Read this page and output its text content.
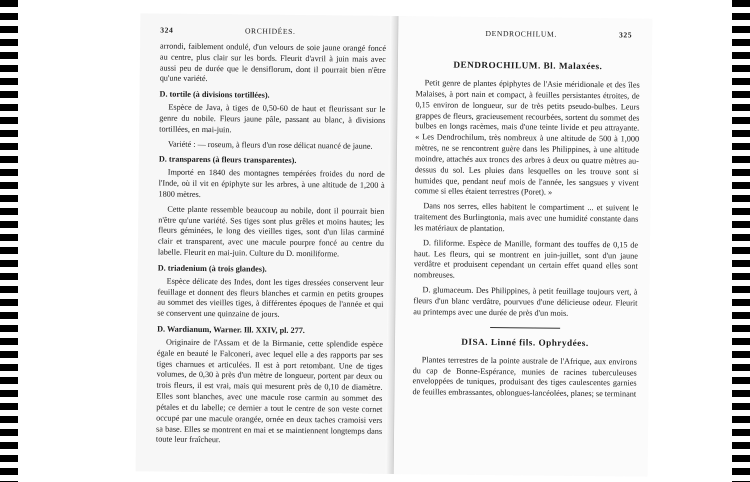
324	ORCHIDÉES.

arrondi, faiblement ondulé, d'un velours de soie jaune orangé foncé au centre, plus clair sur les bords. Fleurit d'avril à juin mais avec aussi peu de durée que le densiflorum, dont il pourrait bien n'être qu'une variété.

D. tortile (à divisions tortillées).

Espèce de Java, à tiges de 0,50-60 de haut et fleurissant sur le genre du nobile. Fleurs jaune pâle, passant au blanc, à divisions tortillées, en mai-juin.

Variété : — roseum, à fleurs d'un rose délicat nuancé de jaune.

D. transparens (à fleurs transparentes).

Importé en 1840 des montagnes tempérées froides du nord de l'Inde, où il vit en épiphyte sur les arbres, à une altitude de 1,200 à 1800 mètres.

Cette plante ressemble beaucoup au nobile, dont il pourrait bien n'être qu'une variété. Ses tiges sont plus grêles et moins hautes; les fleurs géminées, le long des vieilles tiges, sont d'un lilas carminé clair et transparent, avec une macule pourpre foncé au centre du labelle. Fleurit en mai-juin. Culture du D. moniliforme.

D. triadenium (à trois glandes).

Espèce délicate des Indes, dont les tiges dressées conservent leur feuillage et donnent des fleurs blanches et carmin en petits groupes au sommet des vieilles tiges, à différentes époques de l'année et qui se conservent une quinzaine de jours.

D. Wardianum, Warner. Ill. XXIV, pl. 277.

Originaire de l'Assam et de la Birmanie, cette splendide espèce égale en beauté le Falconeri, avec lequel elle a des rapports par ses tiges charnues et articulées. Il est à port retombant. Une de tiges volumes, de 0,30 à près d'un mètre de longueur, portent par deux ou trois fleurs, il est vrai, mais qui mesurent près de 0,10 de diamètre. Elles sont blanches, avec une macule rose carmin au sommet des pétales et du labelle; ce dernier a tout le centre de son veste cornet occupé par une macule orangée, ornée en deux taches cramoisi vers sa base. Elles se montrent en mai et se maintiennent longtemps dans toute leur fraîcheur.

DENDROCHILUM.	325
DENDROCHILUM. Bl. Malaxées.

Petit genre de plantes épiphytes de l'Asie méridionale et des îles Malaises, à port nain et compact, à feuilles persistantes étroites, de 0,15 environ de longueur, sur de très petits pseudo-bulbes. Leurs grappes de fleurs, gracieusement recourbées, sortent du sommet des bulbes en longs racèmes, mais d'une teinte livide et peu attrayante. « Les Dendrochilum, très nombreux à une altitude de 500 à 1,000 mètres, ne se rencontrent guère dans les Philippines, à une altitude moindre, attachés aux troncs des arbres à deux ou quatre mètres au-dessus du sol. Les pluies dans lesquelles on les trouve sont si humides que, pendant neuf mois de l'année, les sangsues y vivent comme si elles étaient terrestres (Poret). »

Dans nos serres, elles habitent le compartiment ... et suivent le traitement des Burlingtonia, mais avec une humidité constante dans les matériaux de plantation.

D. filiforme. Espèce de Manille, formant des touffes de 0,15 de haut. Les fleurs, qui se montrent en juin-juillet, sont d'un jaune verdâtre et produisent cependant un certain effet quand elles sont nombreuses.

D. glumaceum. Des Philippines, à petit feuillage toujours vert, à fleurs d'un blanc verdâtre, pourvues d'une délicieuse odeur. Fleurit au printemps avec une durée de près d'un mois.

DISA. Linné fils. Ophrydées.

Plantes terrestres de la pointe australe de l'Afrique, aux environs du cap de Bonne-Espérance, munies de racines tuberculeuses enveloppées de tuniques, produisant des tiges caulescentes garnies de feuilles embrassantes, oblongues-lancéolées, planes; se terminant
